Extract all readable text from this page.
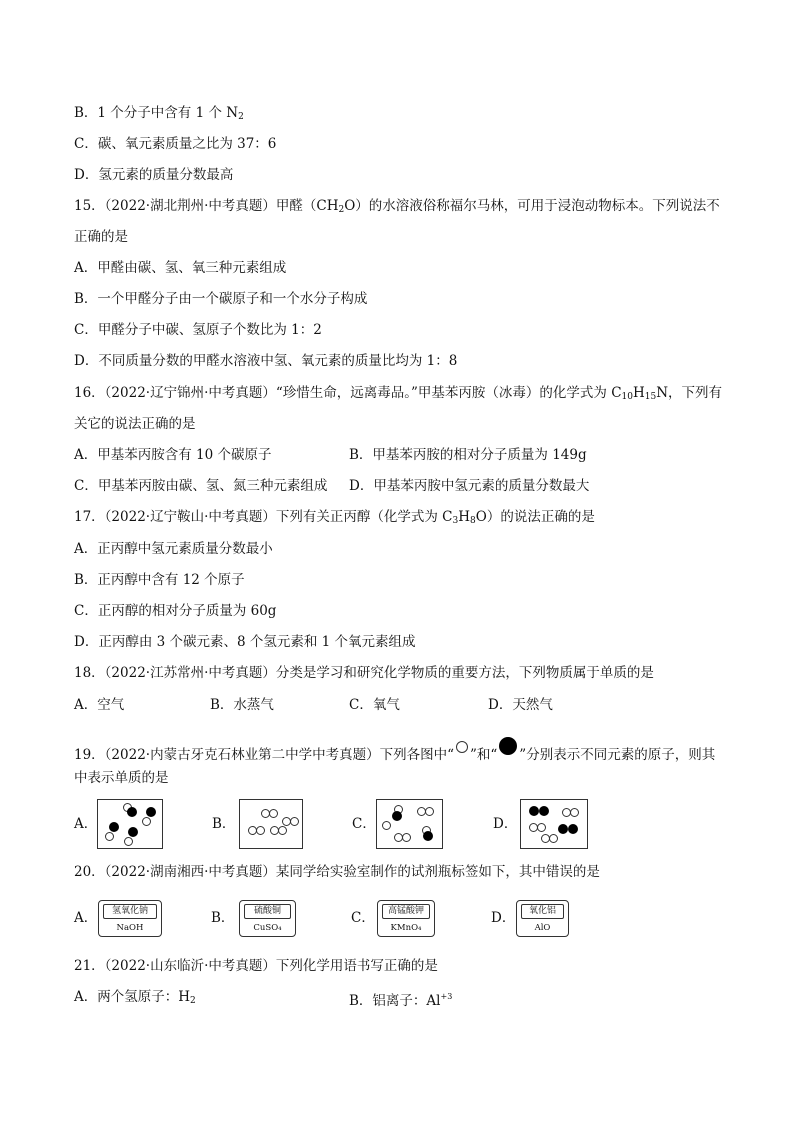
B．1 个分子中含有 1 个 $N_2$
C．碳、氧元素质量之比为 37：6
D．氢元素的质量分数最高
15．（2022·湖北荆州·中考真题）甲醛$(CH_2O)$的水溶液俗称福尔马林，可用于浸泡动物标本。下列说法不
正确的是
A．甲醛由碳、氢、氧三种元素组成
B．一个甲醛分子由一个碳原子和一个水分子构成
C．甲醛分子中碳、氢原子个数比为 1：2
D．不同质量分数的甲醛水溶液中氢、氧元素的质量比均为 1：8
16．（2022·辽宁锦州·中考真题）“珍惜生命，远离毒品。”甲基苯丙胺（冰毒）的化学式为 $C_{10}H_{15}N$，下列有
关它的说法正确的是
A．甲基苯丙胺含有 10 个碳原子	B．甲基苯丙胺的相对分子质量为 149g
C．甲基苯丙胺由碳、氢、氮三种元素组成 D．甲基苯丙胺中氢元素的质量分数最大
17．（2022·辽宁鞍山·中考真题）下列有关正丙醇（化学式为 $C_3H_8O$）的说法正确的是
A．正丙醇中氢元素质量分数最小
B．正丙醇中含有 12 个原子
C．正丙醇的相对分子质量为 60g
D．正丙醇由 3 个碳元素、8 个氢元素和 1 个氧元素组成
18．（2022·江苏常州·中考真题）分类是学习和研究化学物质的重要方法，下列物质属于单质的是
A．空气	B．水蒸气	C．氧气	D．天然气
19．（2022·内蒙古牙克石林业第二中学中考真题）下列各图中“ ”和“ ”分别表示不同元素的原子，则其
中表示单质的是
A．	B．	C．	D．
20．（2022·湖南湘西·中考真题）某同学给实验室制作的试剂瓶标签如下，其中错误的是
A．	氢氧化钠
NaOH
B．	硫酸铜
CuSO₄
C．	高锰酸钾
KMnO₄
D．	氧化铝
AlO
21．（2022·山东临沂·中考真题）下列化学用语书写正确的是
A．两个氢原子：$H_2$	B．铝离子：$Al^{+3}$
